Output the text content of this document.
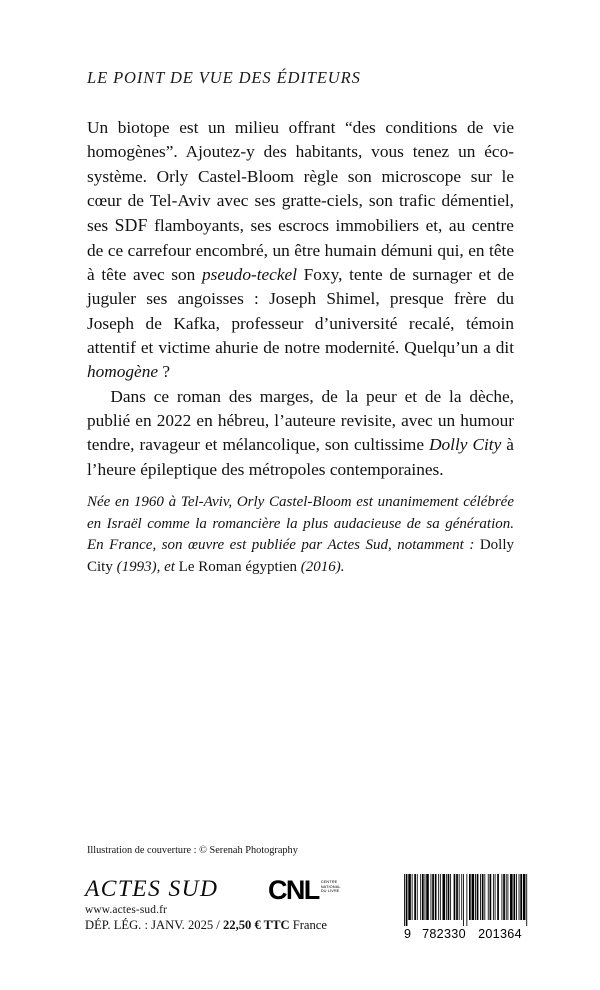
LE POINT DE VUE DES ÉDITEURS

Un biotope est un milieu offrant “des conditions de vie homogènes”. Ajoutez-y des habitants, vous tenez un éco-système. Orly Castel-Bloom règle son microscope sur le cœur de Tel-Aviv avec ses gratte-ciels, son trafic démentiel, ses SDF flamboyants, ses escrocs immobiliers et, au centre de ce carrefour encombré, un être humain démuni qui, en tête à tête avec son pseudo-teckel Foxy, tente de surnager et de juguler ses angoisses : Joseph Shimel, presque frère du Joseph de Kafka, professeur d’université recalé, témoin attentif et victime ahurie de notre modernité. Quelqu’un a dit homogène ?

Dans ce roman des marges, de la peur et de la dèche, publié en 2022 en hébreu, l’auteure revisite, avec un humour tendre, ravageur et mélancolique, son cultissime Dolly City à l’heure épileptique des métropoles contemporaines.

Née en 1960 à Tel-Aviv, Orly Castel-Bloom est unanimement célébrée en Israël comme la romancière la plus audacieuse de sa génération. En France, son œuvre est publiée par Actes Sud, notamment : Dolly City (1993), et Le Roman égyptien (2016).
Illustration de couverture : © Serenah Photography
ACTES SUD
www.actes-sud.fr
DÉP. LÉG. : JANV. 2025 / 22,50 € TTC France
CNL CENTRE
NATIONAL
DU LIVRE
9 782330 201364
